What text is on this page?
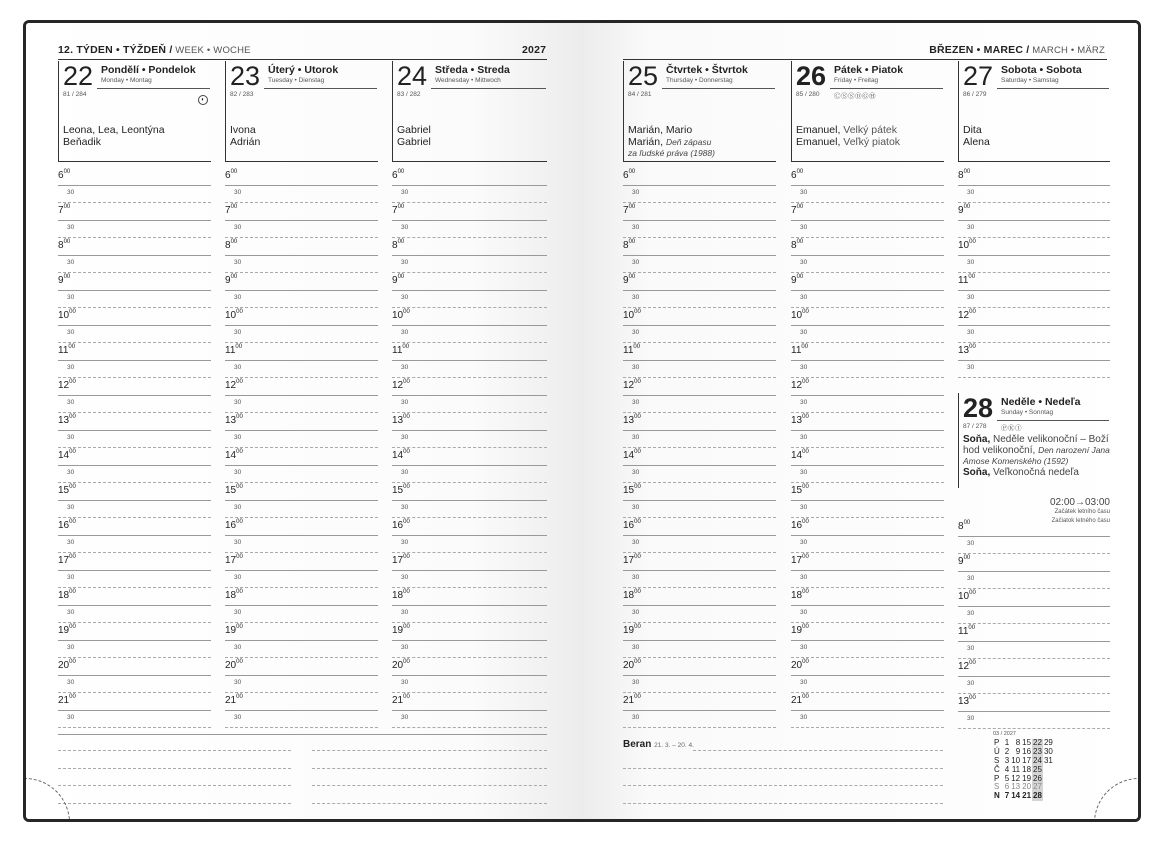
12. TÝDEN • TÝŽDEŇ / WEEK • WOCHE	2027
22 Pondělí • Pondelok
Monday • Montag
81 / 284
◐
Leona, Lea, Leontýna
Beňadik
$6^{00}$
30
$7^{00}$
30
$8^{00}$
30
$9^{00}$
30
$10^{00}$
30
$11^{00}$
30
$12^{00}$
30
$13^{00}$
30
$14^{00}$
30
$15^{00}$
30
$16^{00}$
30
$17^{00}$
30
$18^{00}$
30
$19^{00}$
30
$20^{00}$
30
$21^{00}$
30
23 Úterý • Utorok
Tuesday • Dienstag
82 / 283
Ivona
Adrián
$6^{00}$
30
$7^{00}$
30
$8^{00}$
30
$9^{00}$
30
$10^{00}$
30
$11^{00}$
30
$12^{00}$
30
$13^{00}$
30
$14^{00}$
30
$15^{00}$
30
$16^{00}$
30
$17^{00}$
30
$18^{00}$
30
$19^{00}$
30
$20^{00}$
30
$21^{00}$
30
24 Středa • Streda
Wednesday • Mittwoch
83 / 282
Gabriel
Gabriel
$6^{00}$
30
$7^{00}$
30
$8^{00}$
30
$9^{00}$
30
$10^{00}$
30
$11^{00}$
30
$12^{00}$
30
$13^{00}$
30
$14^{00}$
30
$15^{00}$
30
$16^{00}$
30
$17^{00}$
30
$18^{00}$
30
$19^{00}$
30
$20^{00}$
30
$21^{00}$
30
BŘEZEN • MAREC / MARCH • MÄRZ
25 Čtvrtek • Štvrtok
Thursday • Donnerstag
84 / 281
Marián, Mario
Marián, Deň zápasu
za ľudské práva (1988)
$6^{00}$
30
$7^{00}$
30
$8^{00}$
30
$9^{00}$
30
$10^{00}$
30
$11^{00}$
30
$12^{00}$
30
$13^{00}$
30
$14^{00}$
30
$15^{00}$
30
$16^{00}$
30
$17^{00}$
30
$18^{00}$
30
$19^{00}$
30
$20^{00}$
30
$21^{00}$
30
26 Pátek • Piatok
Friday • Freitag
85 / 280 ⒸⓈⓈⒹⒼⒽ
Emanuel, Velký pátek
Emanuel, Veľký piatok
$6^{00}$
30
$7^{00}$
30
$8^{00}$
30
$9^{00}$
30
$10^{00}$
30
$11^{00}$
30
$12^{00}$
30
$13^{00}$
30
$14^{00}$
30
$15^{00}$
30
$16^{00}$
30
$17^{00}$
30
$18^{00}$
30
$19^{00}$
30
$20^{00}$
30
$21^{00}$
30
27 Sobota • Sobota
Saturday • Samstag
86 / 279
Dita
Alena
$8^{00}$
30
$9^{00}$
30
$10^{00}$
30
$11^{00}$
30
$12^{00}$
30
$13^{00}$
30
28 Neděle • Nedeľa
Sunday • Sonntag
87 / 278 ⓅⓀⒾ
Soňa, Neděle velikonoční – Boží
hod velikonoční, Den narození Jana
Amose Komenského (1592)
Soňa, Veľkonočná nedeľa
02:00→03:00
Začátek letního času
Začiatok letného času
$8^{00}$
30
$9^{00}$
30
$10^{00}$
30
$11^{00}$
30
$12^{00}$
30
$13^{00}$
30
Beran 21. 3. – 20. 4.
03 / 2027
P	1	8	15	22	29
Ú	2	9	16	23	30
S	3	10	17	24	31
Č	4	11	18	25	
P	5	12	19	26	
S	6	13	20	27	
N	7	14	21	28	
